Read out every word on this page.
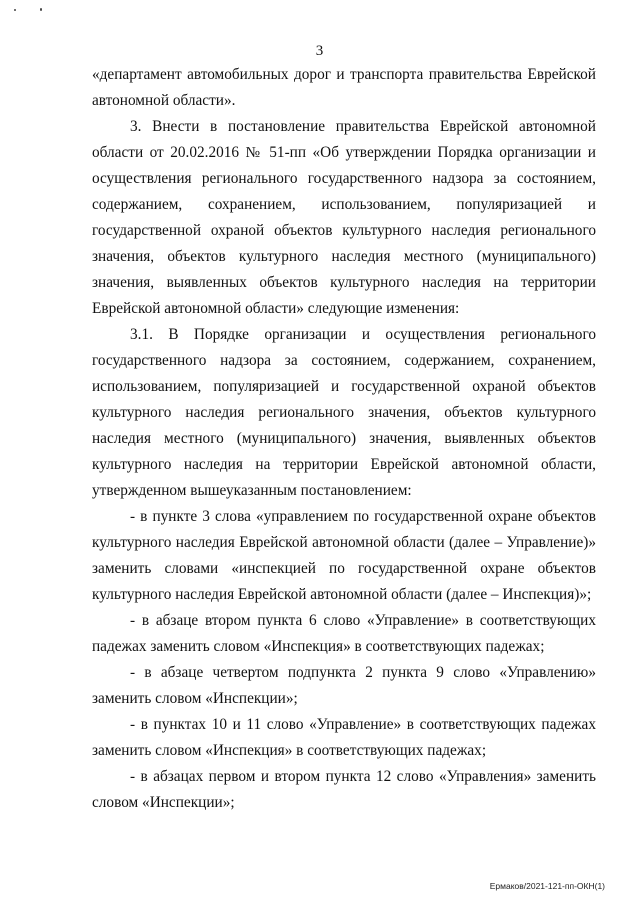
3

«департамент автомобильных дорог и транспорта правительства Еврейской автономной области».

3. Внести в постановление правительства Еврейской автономной области от 20.02.2016 № 51-пп «Об утверждении Порядка организации и осуществления регионального государственного надзора за состоянием, содержанием, сохранением, использованием, популяризацией и государственной охраной объектов культурного наследия регионального значения, объектов культурного наследия местного (муниципального) значения, выявленных объектов культурного наследия на территории Еврейской автономной области» следующие изменения:

3.1. В Порядке организации и осуществления регионального государственного надзора за состоянием, содержанием, сохранением, использованием, популяризацией и государственной охраной объектов культурного наследия регионального значения, объектов культурного наследия местного (муниципального) значения, выявленных объектов культурного наследия на территории Еврейской автономной области, утвержденном вышеуказанным постановлением:

- в пункте 3 слова «управлением по государственной охране объектов культурного наследия Еврейской автономной области (далее – Управление)» заменить словами «инспекцией по государственной охране объектов культурного наследия Еврейской автономной области (далее – Инспекция)»;

- в абзаце втором пункта 6 слово «Управление» в соответствующих падежах заменить словом «Инспекция» в соответствующих падежах;

- в абзаце четвертом подпункта 2 пункта 9 слово «Управлению» заменить словом «Инспекции»;

- в пунктах 10 и 11 слово «Управление» в соответствующих падежах заменить словом «Инспекция» в соответствующих падежах;

- в абзацах первом и втором пункта 12 слово «Управления» заменить словом «Инспекции»;

Ермаков/2021-121-пп-ОКН(1)
